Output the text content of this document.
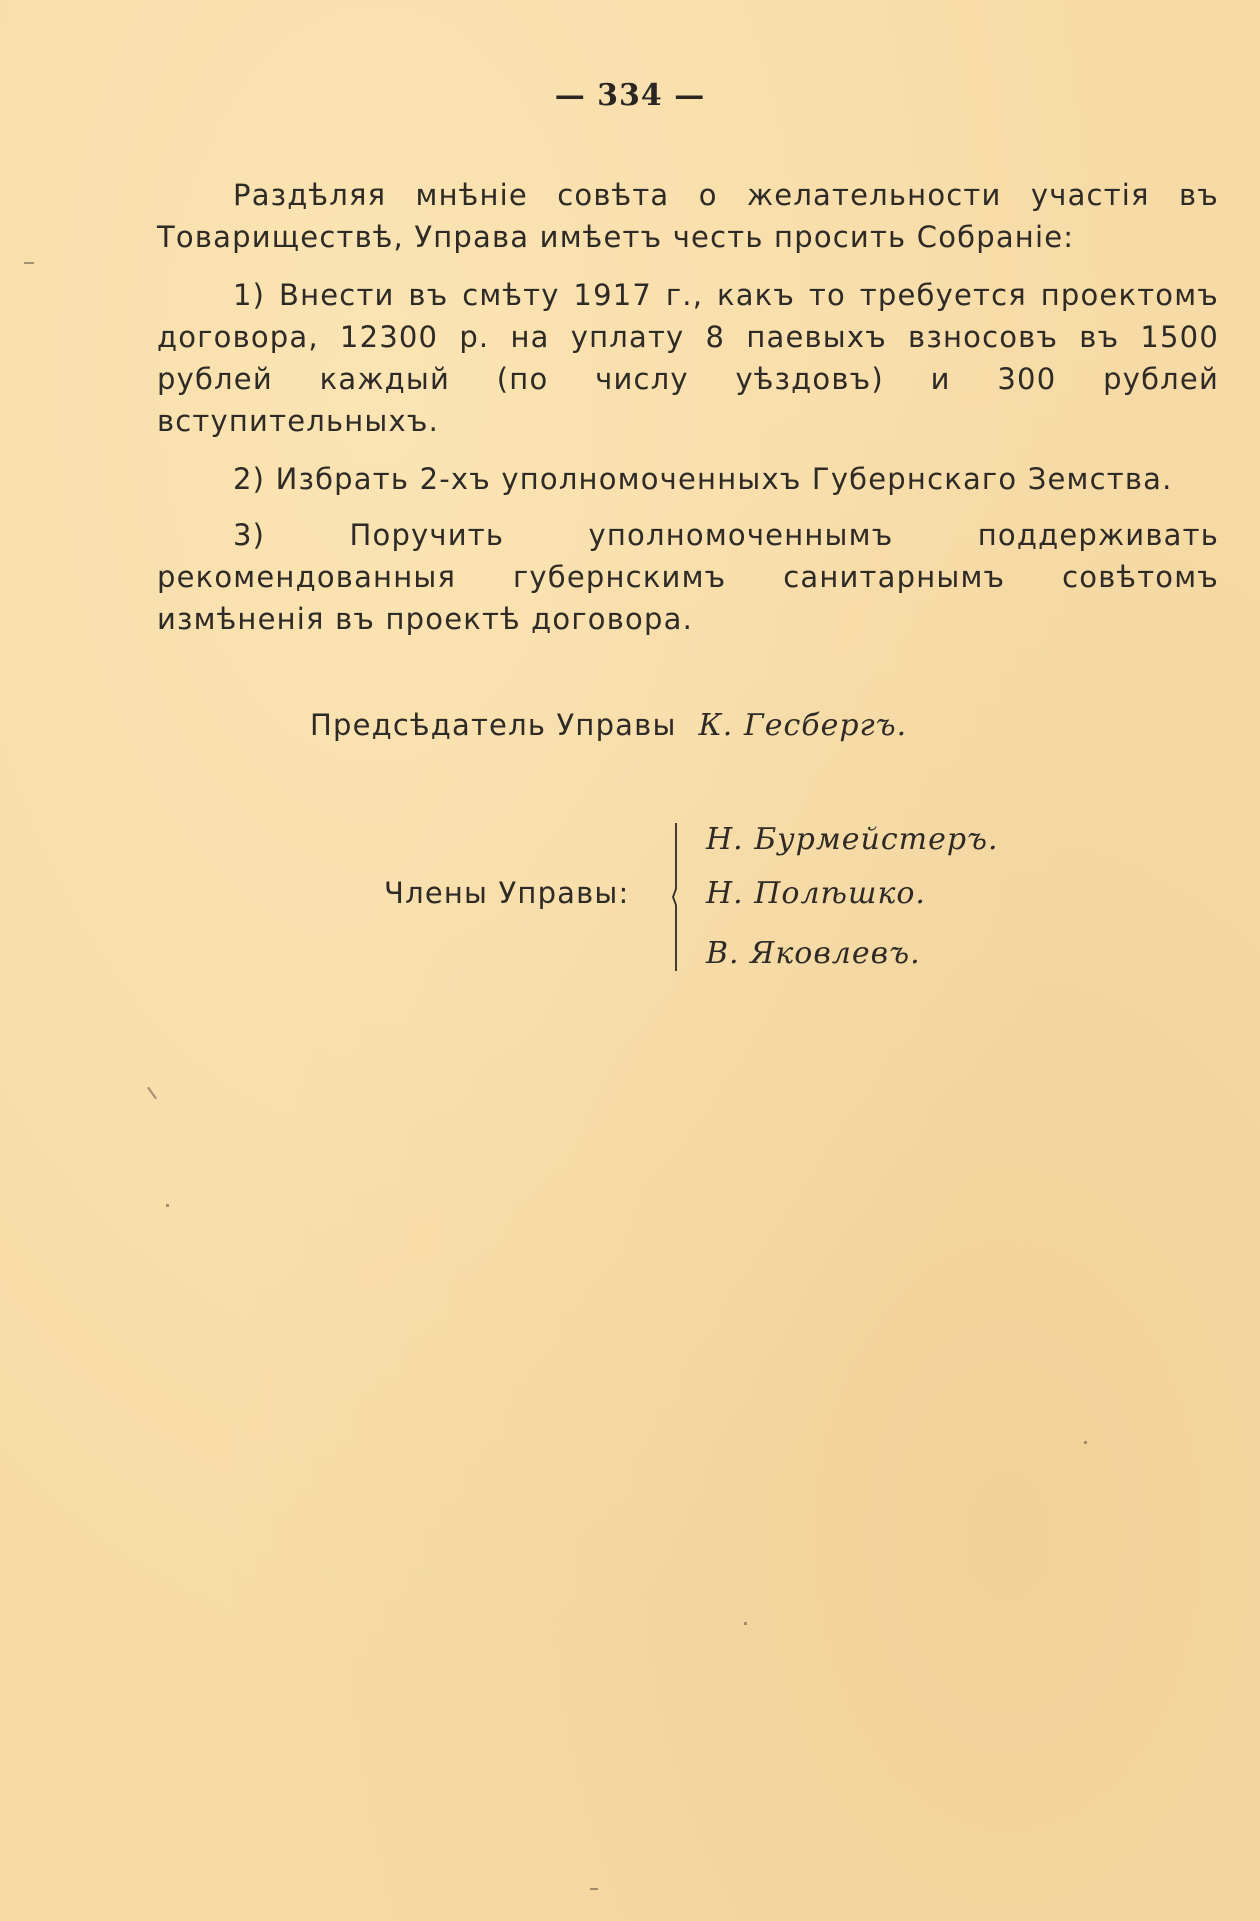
— 334 —

Раздѣляя мнѣніе совѣта о желательности участія въ Товариществѣ, Управа имѣетъ честь просить Собраніе:

1) Внести въ смѣту 1917 г., какъ то требуется проектомъ договора, 12300 р. на уплату 8 паевыхъ взносовъ въ 1500 рублей каждый (по числу уѣздовъ) и 300 рублей вступительныхъ.

2) Избрать 2-хъ уполномоченныхъ Губернскаго Земства.

3) Поручить уполномоченнымъ поддерживать рекомендованныя губернскимъ санитарнымъ совѣтомъ измѣненія въ проектѣ договора.

Предсѣдатель Управы К. Гесбергъ.
Члены Управы:
Н. Бурмейстеръ.
Н. Полѣшко.
В. Яковлевъ.
